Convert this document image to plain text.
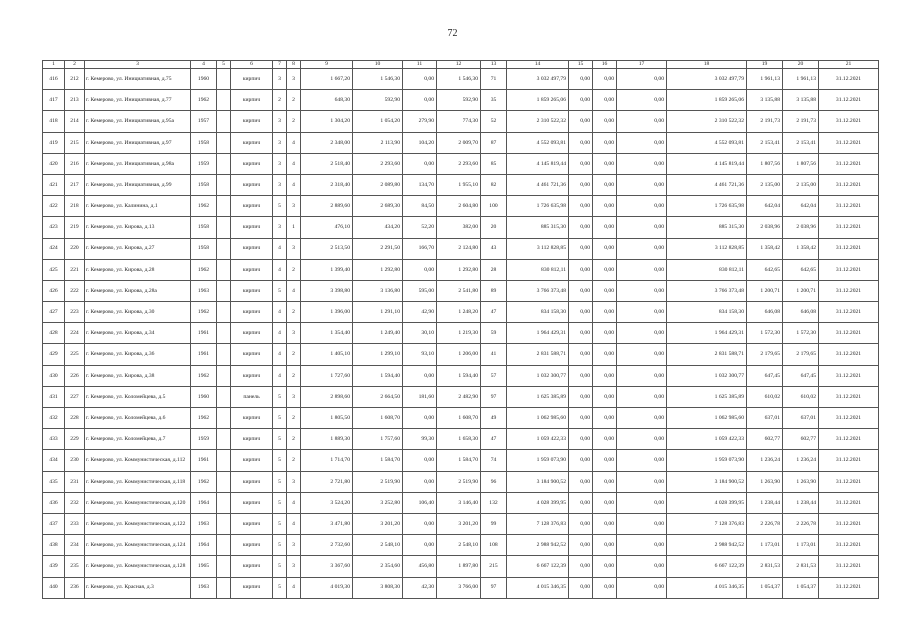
72
1	2	3	4	5	6	7	8	9	10	11	12	13	14	15	16	17	18	19	20	21
416	212	г. Кемерово, ул. Инициативная, д.75	1960		кирпич	3	3	1 667,20	1 546,30	0,00	1 546,30	71	3 032 497,79	0,00	0,00	0,00	3 032 497,79	1 961,13	1 961,13	31.12.2021
417	213	г. Кемерово, ул. Инициативная, д.77	1962		кирпич	2	2	648,30	592,90	0,00	592,90	35	1 859 265,06	0,00	0,00	0,00	1 859 265,06	3 135,88	3 135,88	31.12.2021
418	214	г. Кемерово, ул. Инициативная, д.95а	1957		кирпич	3	2	1 304,20	1 054,20	279,90	774,30	52	2 310 522,32	0,00	0,00	0,00	2 310 522,32	2 191,73	2 191,73	31.12.2021
419	215	г. Кемерово, ул. Инициативная, д.97	1958		кирпич	3	4	2 348,00	2 113,90	104,20	2 009,70	87	4 552 093,81	0,00	0,00	0,00	4 552 093,81	2 153,41	2 153,41	31.12.2021
420	216	г. Кемерово, ул. Инициативная, д.98а	1959		кирпич	3	4	2 518,40	2 293,60	0,00	2 293,60	85	4 145 819,44	0,00	0,00	0,00	4 145 819,44	1 807,56	1 807,56	31.12.2021
421	217	г. Кемерово, ул. Инициативная, д.99	1958		кирпич	3	4	2 318,40	2 089,80	134,70	1 955,10	82	4 461 721,36	0,00	0,00	0,00	4 461 721,36	2 135,00	2 135,00	31.12.2021
422	218	г. Кемерово, ул. Калинина, д.1	1962		кирпич	5	3	2 889,60	2 689,30	84,50	2 604,80	100	1 726 635,98	0,00	0,00	0,00	1 726 635,98	642,04	642,04	31.12.2021
423	219	г. Кемерово, ул. Кирова, д.13	1958		кирпич	3	1	476,10	434,20	52,20	382,00	20	885 315,30	0,00	0,00	0,00	885 315,30	2 038,96	2 038,96	31.12.2021
424	220	г. Кемерово, ул. Кирова, д.27	1958		кирпич	4	3	2 513,50	2 291,50	166,70	2 124,80	43	3 112 828,85	0,00	0,00	0,00	3 112 828,85	1 358,42	1 358,42	31.12.2021
425	221	г. Кемерово, ул. Кирова, д.28	1962		кирпич	4	2	1 399,40	1 292,80	0,00	1 292,80	28	830 812,11	0,00	0,00	0,00	830 812,11	642,65	642,65	31.12.2021
426	222	г. Кемерово, ул. Кирова, д.28а	1963		кирпич	5	4	3 398,80	3 136,80	595,00	2 541,80	89	3 766 373,48	0,00	0,00	0,00	3 766 373,48	1 200,71	1 200,71	31.12.2021
427	223	г. Кемерово, ул. Кирова, д.30	1962		кирпич	4	2	1 396,00	1 291,10	42,90	1 248,20	47	834 158,30	0,00	0,00	0,00	834 158,30	646,08	646,08	31.12.2021
428	224	г. Кемерово, ул. Кирова, д.34	1961		кирпич	4	3	1 354,40	1 249,40	30,10	1 219,30	59	1 964 429,31	0,00	0,00	0,00	1 964 429,31	1 572,30	1 572,30	31.12.2021
429	225	г. Кемерово, ул. Кирова, д.36	1961		кирпич	4	2	1 405,10	1 299,10	93,10	1 206,00	41	2 831 588,71	0,00	0,00	0,00	2 831 588,71	2 179,65	2 179,65	31.12.2021
430	226	г. Кемерово, ул. Кирова, д.38	1962		кирпич	4	2	1 727,60	1 594,40	0,00	1 594,40	57	1 032 300,77	0,00	0,00	0,00	1 032 300,77	647,45	647,45	31.12.2021
431	227	г. Кемерово, ул. Коломейцева, д.5	1960		панель	5	3	2 898,60	2 664,50	181,60	2 482,90	97	1 625 385,89	0,00	0,00	0,00	1 625 385,89	610,02	610,02	31.12.2021
432	228	г. Кемерово, ул. Коломейцева, д.6	1962		кирпич	5	2	1 805,50	1 608,70	0,00	1 608,70	49	1 062 985,60	0,00	0,00	0,00	1 062 985,60	637,01	637,01	31.12.2021
433	229	г. Кемерово, ул. Коломейцева, д.7	1959		кирпич	5	2	1 889,30	1 757,60	99,30	1 658,30	47	1 059 422,33	0,00	0,00	0,00	1 059 422,33	602,77	602,77	31.12.2021
434	230	г. Кемерово, ул. Коммунистическая, д.112	1961		кирпич	5	2	1 714,70	1 584,70	0,00	1 584,70	74	1 959 073,90	0,00	0,00	0,00	1 959 073,90	1 236,24	1 236,24	31.12.2021
435	231	г. Кемерово, ул. Коммунистическая, д.118	1962		кирпич	5	3	2 721,80	2 519,90	0,00	2 519,90	96	3 184 900,52	0,00	0,00	0,00	3 184 900,52	1 263,90	1 263,90	31.12.2021
436	232	г. Кемерово, ул. Коммунистическая, д.120	1964		кирпич	5	4	3 524,20	3 252,80	106,40	3 146,40	132	4 028 399,95	0,00	0,00	0,00	4 028 399,95	1 238,44	1 238,44	31.12.2021
437	233	г. Кемерово, ул. Коммунистическая, д.122	1963		кирпич	5	4	3 471,80	3 201,20	0,00	3 201,20	99	7 128 376,83	0,00	0,00	0,00	7 128 376,83	2 226,78	2 226,78	31.12.2021
438	234	г. Кемерово, ул. Коммунистическая, д.124	1964		кирпич	5	3	2 732,60	2 548,10	0,00	2 548,10	108	2 988 942,52	0,00	0,00	0,00	2 988 942,52	1 173,01	1 173,01	31.12.2021
439	235	г. Кемерово, ул. Коммунистическая, д.128	1965		кирпич	5	3	3 367,60	2 354,60	456,80	1 897,80	215	6 667 122,39	0,00	0,00	0,00	6 667 122,39	2 831,53	2 831,53	31.12.2021
440	236	г. Кемерово, ул. Красная, д.3	1963		кирпич	5	4	4 019,30	3 808,30	42,30	3 766,00	97	4 015 346,35	0,00	0,00	0,00	4 015 346,35	1 054,37	1 054,37	31.12.2021
